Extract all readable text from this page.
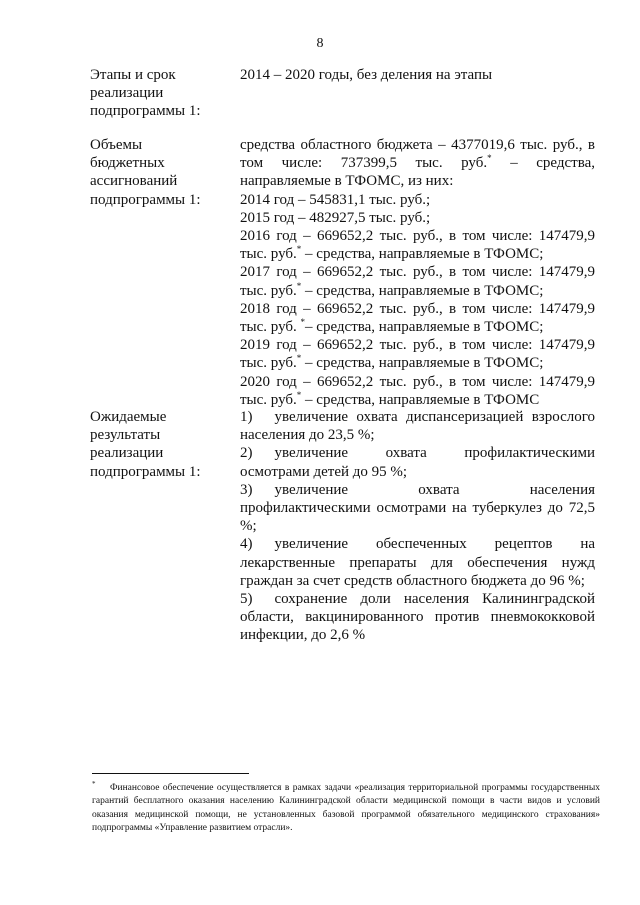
8
Этапы и срок
реализации
подпрограммы 1:

2014 – 2020 годы, без деления на этапы

Объемы
бюджетных
ассигнований
подпрограммы 1:

средства областного бюджета – 4377019,6 тыс. руб., в

том числе: 737399,5 тыс. руб.* – средства,

направляемые в ТФОМС, из них:

2014 год – 545831,1 тыс. руб.;

2015 год – 482927,5 тыс. руб.;

2016 год – 669652,2 тыс. руб., в том числе: 147479,9

тыс. руб.* – средства, направляемые в ТФОМС;

2017 год – 669652,2 тыс. руб., в том числе: 147479,9

тыс. руб.* – средства, направляемые в ТФОМС;

2018 год – 669652,2 тыс. руб., в том числе: 147479,9

тыс. руб. *– средства, направляемые в ТФОМС;

2019 год – 669652,2 тыс. руб., в том числе: 147479,9

тыс. руб.* – средства, направляемые в ТФОМС;

2020 год – 669652,2 тыс. руб., в том числе: 147479,9

тыс. руб.* – средства, направляемые в ТФОМС

Ожидаемые
результаты
реализации
подпрограммы 1:

1) увеличение охвата диспансеризацией взрослого

населения до 23,5 %;

2) увеличение охвата профилактическими

осмотрами детей до 95 %;

3) увеличение охвата населения

профилактическими осмотрами на туберкулез до 72,5 %;

4) увеличение обеспеченных рецептов на

лекарственные препараты для обеспечения нужд граждан за счет средств областного бюджета до 96 %;

5) сохранение доли населения Калининградской

области, вакцинированного против пневмококковой инфекции, до 2,6 %

* Финансовое обеспечение осуществляется в рамках задачи «реализация территориальной программы государственных гарантий бесплатного оказания населению Калининградской области медицинской помощи в части видов и условий оказания медицинской помощи, не установленных базовой программой обязательного медицинского страхования» подпрограммы «Управление развитием отрасли».
